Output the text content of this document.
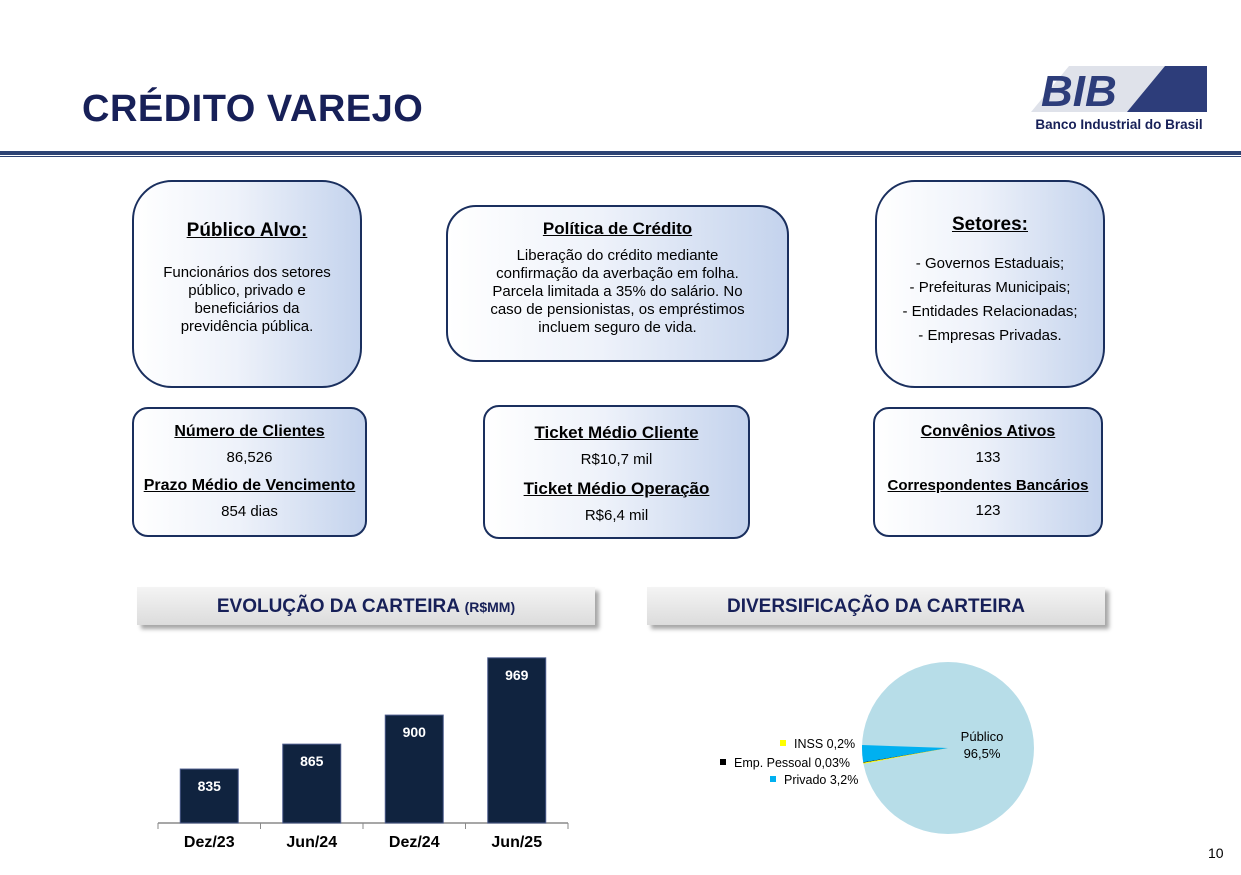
CRÉDITO VAREJO	BIB
Banco Industrial do Brasil
Público Alvo:
Funcionários dos setores
público, privado e
beneficiários da
previdência pública.
Política de Crédito
Liberação do crédito mediante
confirmação da averbação em folha.
Parcela limitada a 35% do salário. No
caso de pensionistas, os empréstimos
incluem seguro de vida.
Setores:
- Governos Estaduais;
- Prefeituras Municipais;
- Entidades Relacionadas;
- Empresas Privadas.
Número de Clientes
86,526
Prazo Médio de Vencimento
854 dias
Ticket Médio Cliente
R$10,7 mil
Ticket Médio Operação
R$6,4 mil
Convênios Ativos
133
Correspondentes Bancários
123
EVOLUÇÃO DA CARTEIRA (R$MM)	DIVERSIFICAÇÃO DA CARTEIRA
835
Dez/23
865
Jun/24
900
Dez/24
969
Jun/25
Público
96,5%
INSS 0,2%
Emp. Pessoal 0,03%
Privado 3,2%
10
